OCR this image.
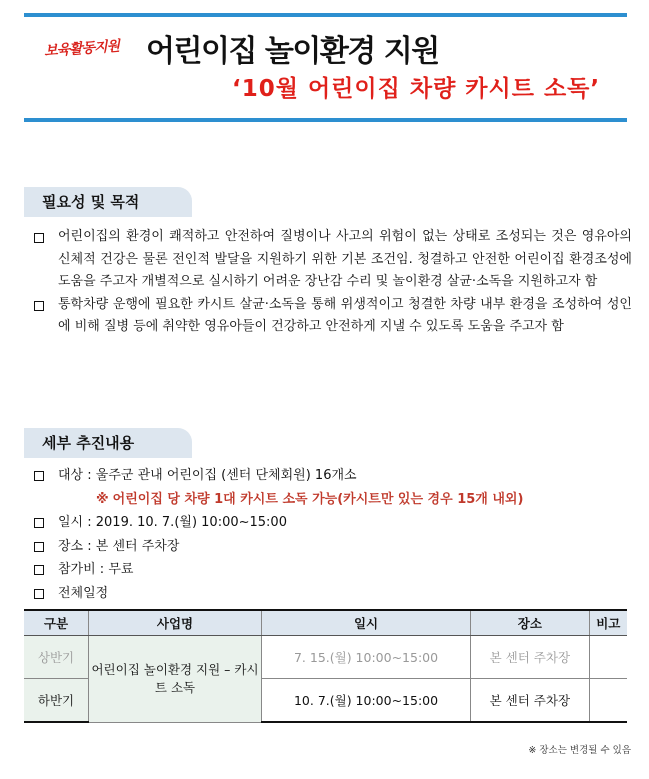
보육활동지원 어린이집 놀이환경 지원
‘10월 어린이집 차량 카시트 소독’
필요성 및 목적
어린이집의 환경이 쾌적하고 안전하여 질병이나 사고의 위험이 없는 상태로 조성되는 것은 영유아의 신체적 건강은 물론 전인적 발달을 지원하기 위한 기본 조건임. 청결하고 안전한 어린이집 환경조성에 도움을 주고자 개별적으로 실시하기 어려운 장난감 수리 및 놀이환경 살균·소독을 지원하고자 함
통학차량 운행에 필요한 카시트 살균·소독을 통해 위생적이고 청결한 차량 내부 환경을 조성하여 성인에 비해 질병 등에 취약한 영유아들이 건강하고 안전하게 지낼 수 있도록 도움을 주고자 함
세부 추진내용
대상 : 울주군 관내 어린이집 (센터 단체회원) 16개소
※ 어린이집 당 차량 1대 카시트 소독 가능(카시트만 있는 경우 15개 내외)
일시 : 2019. 10. 7.(월) 10:00~15:00
장소 : 본 센터 주차장
참가비 : 무료
전체일정
구분	사업명	일시	장소	비고
상반기	어린이집 놀이환경 지원 – 카시트 소독	7. 15.(월) 10:00~15:00	본 센터 주차장	
하반기		10. 7.(월) 10:00~15:00	본 센터 주차장	
※ 장소는 변경될 수 있음
